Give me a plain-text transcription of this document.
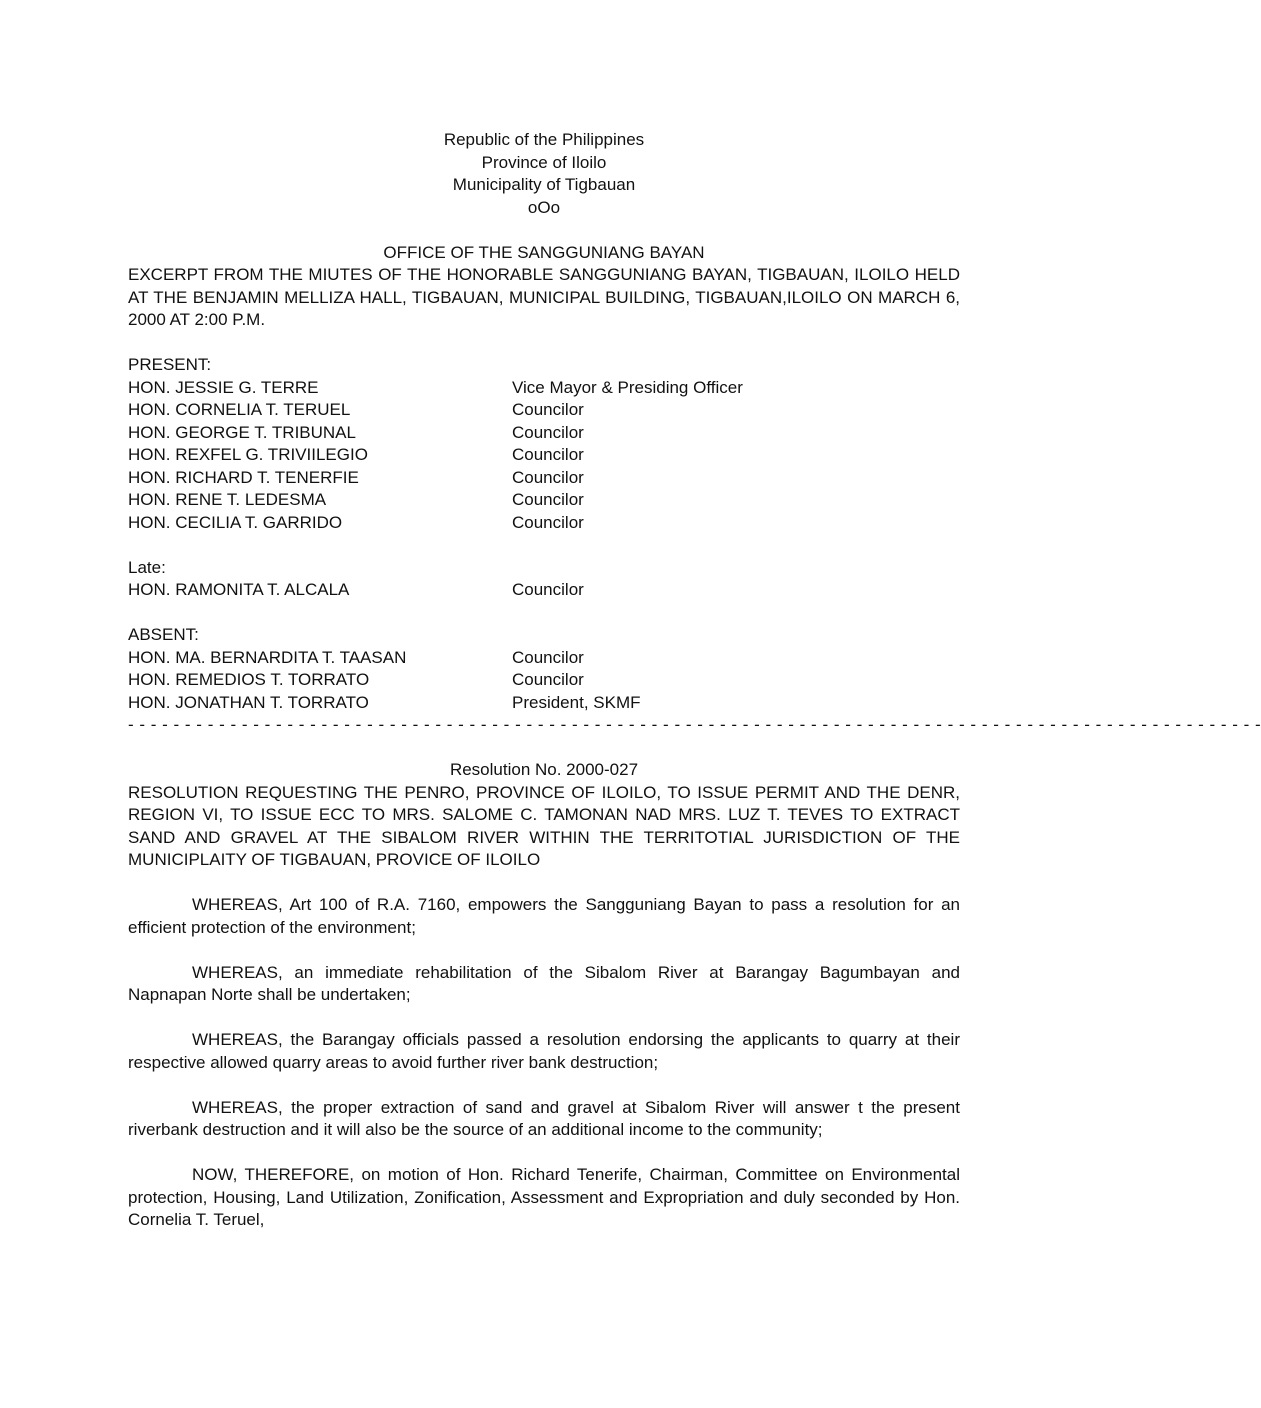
Republic of the Philippines

Province of Iloilo

Municipality of Tigbauan

oOo

OFFICE OF THE SANGGUNIANG BAYAN

EXCERPT FROM THE MIUTES OF THE HONORABLE SANGGUNIANG BAYAN, TIGBAUAN, ILOILO HELD AT THE BENJAMIN MELLIZA HALL, TIGBAUAN, MUNICIPAL BUILDING, TIGBAUAN,ILOILO ON MARCH 6, 2000 AT 2:00 P.M.

PRESENT:

HON. JESSIE G. TERRE	Vice Mayor & Presiding Officer
HON. CORNELIA T. TERUEL	Councilor
HON. GEORGE T. TRIBUNAL	Councilor
HON. REXFEL G. TRIVIILEGIO	Councilor
HON. RICHARD T. TENERFIE	Councilor
HON. RENE T. LEDESMA	Councilor
HON. CECILIA T. GARRIDO	Councilor

Late:

HON. RAMONITA T. ALCALA	Councilor

ABSENT:

HON. MA. BERNARDITA T. TAASAN	Councilor
HON. REMEDIOS T. TORRATO	Councilor
HON. JONATHAN T. TORRATO	President, SKMF

- - - - - - - - - - - - - - - - - - - - - - - - - - - - - - - - - - - - - - - - - - - - - - - - - - - - - - - - - - - - - - - - - - - - - - - - - - - - - - - - - - - - - - - - - - - - - - - - - - - -

Resolution No. 2000-027

RESOLUTION REQUESTING THE PENRO, PROVINCE OF ILOILO, TO ISSUE PERMIT AND THE DENR, REGION VI, TO ISSUE ECC TO MRS. SALOME C. TAMONAN NAD MRS. LUZ T. TEVES TO EXTRACT SAND AND GRAVEL AT THE SIBALOM RIVER WITHIN THE TERRITOTIAL JURISDICTION OF THE MUNICIPLAITY OF TIGBAUAN, PROVICE OF ILOILO

WHEREAS, Art 100 of R.A. 7160, empowers the Sangguniang Bayan to pass a resolution for an efficient protection of the environment;

WHEREAS, an immediate rehabilitation of the Sibalom River at Barangay Bagumbayan and Napnapan Norte shall be undertaken;

WHEREAS, the Barangay officials passed a resolution endorsing the applicants to quarry at their respective allowed quarry areas to avoid further river bank destruction;

WHEREAS, the proper extraction of sand and gravel at Sibalom River will answer t the present riverbank destruction and it will also be the source of an additional income to the community;

NOW, THEREFORE, on motion of Hon. Richard Tenerife, Chairman, Committee on Environmental protection, Housing, Land Utilization, Zonification, Assessment and Expropriation and duly seconded by Hon. Cornelia T. Teruel,
